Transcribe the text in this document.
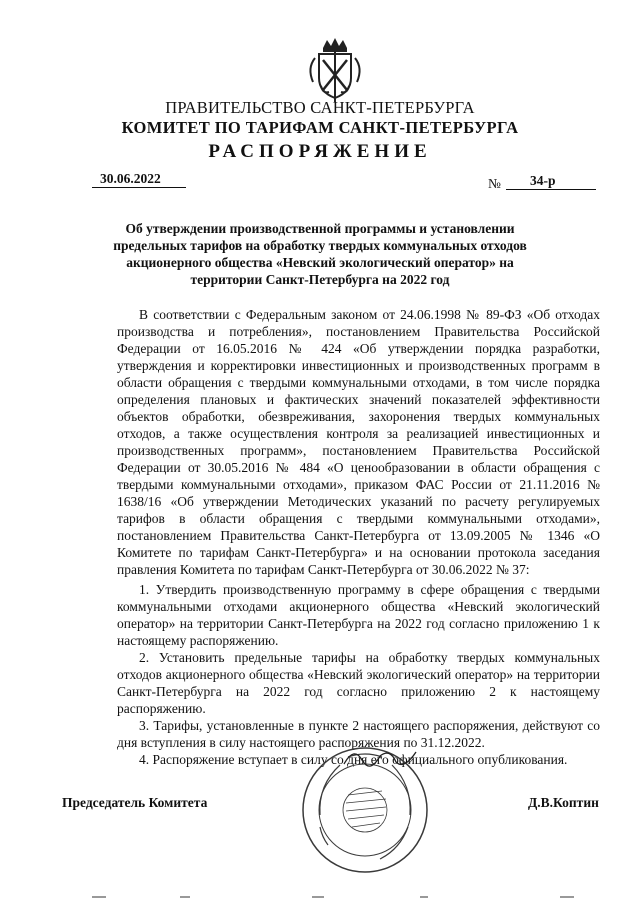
ПРАВИТЕЛЬСТВО САНКТ-ПЕТЕРБУРГА
КОМИТЕТ ПО ТАРИФАМ САНКТ-ПЕТЕРБУРГА
РАСПОРЯЖЕНИЕ
30.06.2022	№	34-р
Об утверждении производственной программы и установлении предельных тарифов на обработку твердых коммунальных отходов акционерного общества «Невский экологический оператор» на территории Санкт-Петербурга на 2022 год

В соответствии с Федеральным законом от 24.06.1998 № 89-ФЗ «Об отходах производства и потребления», постановлением Правительства Российской Федерации от 16.05.2016 № 424 «Об утверждении порядка разработки, утверждения и корректировки инвестиционных и производственных программ в области обращения с твердыми коммунальными отходами, в том числе порядка определения плановых и фактических значений показателей эффективности объектов обработки, обезвреживания, захоронения твердых коммунальных отходов, а также осуществления контроля за реализацией инвестиционных и производственных программ», постановлением Правительства Российской Федерации от 30.05.2016 № 484 «О ценообразовании в области обращения с твердыми коммунальными отходами», приказом ФАС России от 21.11.2016 № 1638/16 «Об утверждении Методических указаний по расчету регулируемых тарифов в области обращения с твердыми коммунальными отходами», постановлением Правительства Санкт-Петербурга от 13.09.2005 № 1346 «О Комитете по тарифам Санкт-Петербурга» и на основании протокола заседания правления Комитета по тарифам Санкт-Петербурга от 30.06.2022 № 37:

1. Утвердить производственную программу в сфере обращения с твердыми коммунальными отходами акционерного общества «Невский экологический оператор» на территории Санкт-Петербурга на 2022 год согласно приложению 1 к настоящему распоряжению.

2. Установить предельные тарифы на обработку твердых коммунальных отходов акционерного общества «Невский экологический оператор» на территории Санкт-Петербурга на 2022 год согласно приложению 2 к настоящему распоряжению.

3. Тарифы, установленные в пункте 2 настоящего распоряжения, действуют со дня вступления в силу настоящего распоряжения по 31.12.2022.

4. Распоряжение вступает в силу со дня его официального опубликования.

Председатель Комитета	Д.В.Коптин
